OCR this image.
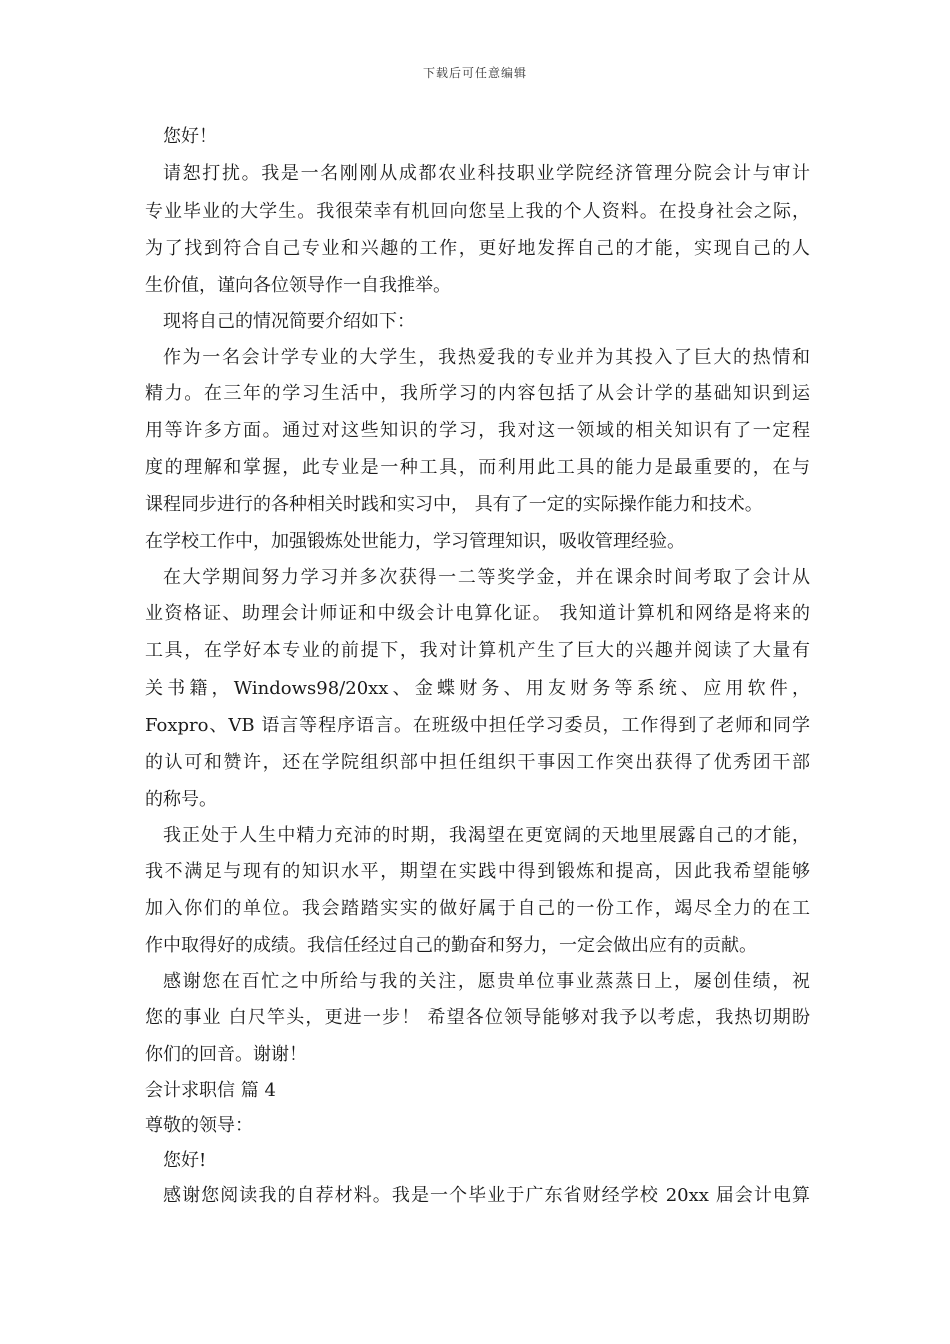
下载后可任意编辑
您好！
请恕打扰。我是一名刚刚从成都农业科技职业学院经济管理分院会计与审计
专业毕业的大学生。我很荣幸有机回向您呈上我的个人资料。在投身社会之际，
为了找到符合自己专业和兴趣的工作，更好地发挥自己的才能，实现自己的人
生价值，谨向各位领导作一自我推举。
现将自己的情况简要介绍如下：
作为一名会计学专业的大学生，我热爱我的专业并为其投入了巨大的热情和
精力。在三年的学习生活中，我所学习的内容包括了从会计学的基础知识到运
用等许多方面。通过对这些知识的学习，我对这一领域的相关知识有了一定程
度的理解和掌握，此专业是一种工具，而利用此工具的能力是最重要的，在与
课程同步进行的各种相关时践和实习中， 具有了一定的实际操作能力和技术。
在学校工作中，加强锻炼处世能力，学习管理知识，吸收管理经验。
在大学期间努力学习并多次获得一二等奖学金，并在课余时间考取了会计从
业资格证、助理会计师证和中级会计电算化证。 我知道计算机和网络是将来的
工具，在学好本专业的前提下，我对计算机产生了巨大的兴趣并阅读了大量有
关书籍，Windows98/20xx、金蝶财务、用友财务等系统、应用软件，
Foxpro、VB 语言等程序语言。在班级中担任学习委员，工作得到了老师和同学
的认可和赞许，还在学院组织部中担任组织干事因工作突出获得了优秀团干部
的称号。
我正处于人生中精力充沛的时期，我渴望在更宽阔的天地里展露自己的才能，
我不满足与现有的知识水平，期望在实践中得到锻炼和提高，因此我希望能够
加入你们的单位。我会踏踏实实的做好属于自己的一份工作，竭尽全力的在工
作中取得好的成绩。我信任经过自己的勤奋和努力，一定会做出应有的贡献。
感谢您在百忙之中所给与我的关注，愿贵单位事业蒸蒸日上，屡创佳绩，祝
您的事业 白尺竿头，更进一步！ 希望各位领导能够对我予以考虑，我热切期盼
你们的回音。谢谢！
会计求职信 篇 4
尊敬的领导：
您好!
感谢您阅读我的自荐材料。我是一个毕业于广东省财经学校 20xx 届会计电算
